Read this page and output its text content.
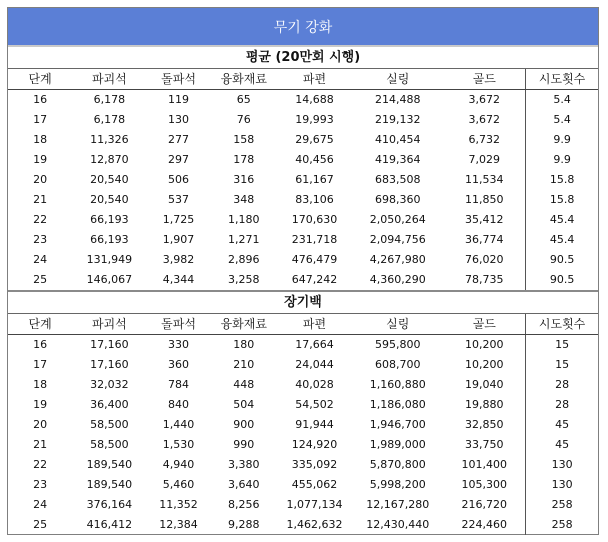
무기 강화
평균 (20만회 시행)							
단계	파괴석	돌파석	융화재료	파편	실링	골드	시도횟수
16	6,178	119	65	14,688	214,488	3,672	5.4
17	6,178	130	76	19,993	219,132	3,672	5.4
18	11,326	277	158	29,675	410,454	6,732	9.9
19	12,870	297	178	40,456	419,364	7,029	9.9
20	20,540	506	316	61,167	683,508	11,534	15.8
21	20,540	537	348	83,106	698,360	11,850	15.8
22	66,193	1,725	1,180	170,630	2,050,264	35,412	45.4
23	66,193	1,907	1,271	231,718	2,094,756	36,774	45.4
24	131,949	3,982	2,896	476,479	4,267,980	76,020	90.5
25	146,067	4,344	3,258	647,242	4,360,290	78,735	90.5
장기백							
단계	파괴석	돌파석	융화재료	파편	실링	골드	시도횟수
16	17,160	330	180	17,664	595,800	10,200	15
17	17,160	360	210	24,044	608,700	10,200	15
18	32,032	784	448	40,028	1,160,880	19,040	28
19	36,400	840	504	54,502	1,186,080	19,880	28
20	58,500	1,440	900	91,944	1,946,700	32,850	45
21	58,500	1,530	990	124,920	1,989,000	33,750	45
22	189,540	4,940	3,380	335,092	5,870,800	101,400	130
23	189,540	5,460	3,640	455,062	5,998,200	105,300	130
24	376,164	11,352	8,256	1,077,134	12,167,280	216,720	258
25	416,412	12,384	9,288	1,462,632	12,430,440	224,460	258
